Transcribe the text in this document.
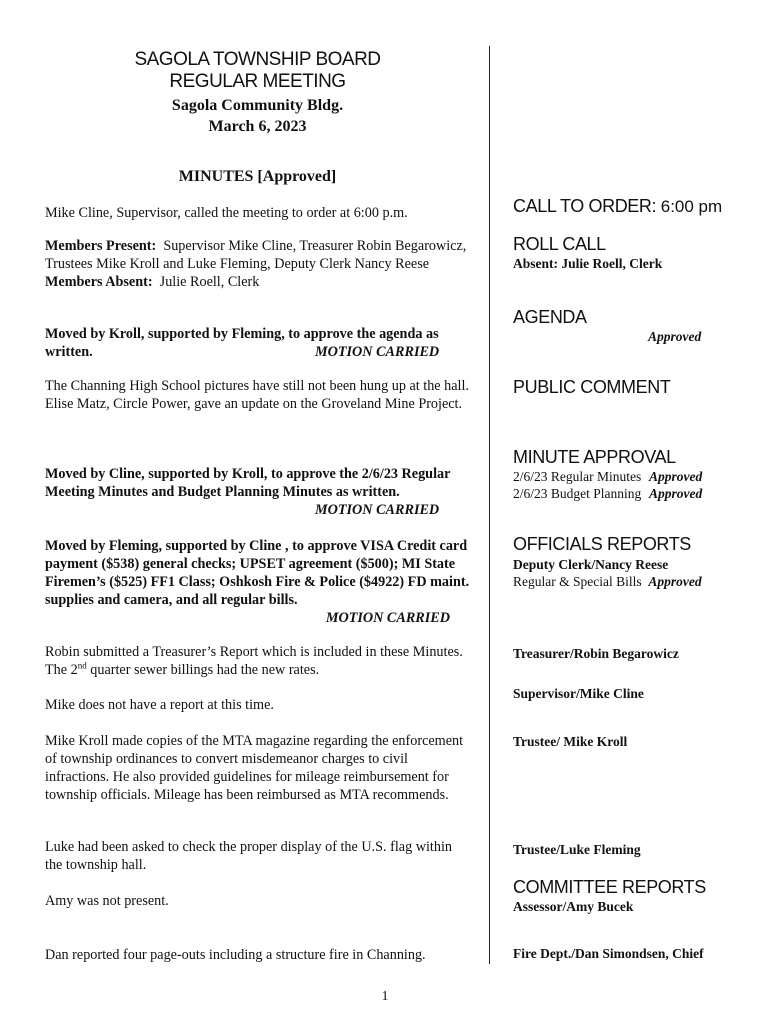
SAGOLA TOWNSHIP BOARD
REGULAR MEETING
Sagola Community Bldg.
March 6, 2023
MINUTES [Approved]
Mike Cline, Supervisor, called the meeting to order at 6:00 p.m.
Members Present: Supervisor Mike Cline, Treasurer Robin Begarowicz, Trustees Mike Kroll and Luke Fleming, Deputy Clerk Nancy Reese
Members Absent: Julie Roell, Clerk
Moved by Kroll, supported by Fleming, to approve the agenda as written.	MOTION CARRIED
The Channing High School pictures have still not been hung up at the hall.
Elise Matz, Circle Power, gave an update on the Groveland Mine Project.
Moved by Cline, supported by Kroll, to approve the 2/6/23 Regular Meeting Minutes and Budget Planning Minutes as written.
MOTION CARRIED
Moved by Fleming, supported by Cline , to approve VISA Credit card payment ($538) general checks; UPSET agreement ($500); MI State Firemen’s ($525) FF1 Class; Oshkosh Fire & Police ($4922) FD maint. supplies and camera, and all regular bills.
MOTION CARRIED
Robin submitted a Treasurer’s Report which is included in these Minutes. The 2nd quarter sewer billings had the new rates.
Mike does not have a report at this time.
Mike Kroll made copies of the MTA magazine regarding the enforcement of township ordinances to convert misdemeanor charges to civil infractions. He also provided guidelines for mileage reimbursement for township officials. Mileage has been reimbursed as MTA recommends.
Luke had been asked to check the proper display of the U.S. flag within the township hall.
Amy was not present.
Dan reported four page-outs including a structure fire in Channing.
CALL TO ORDER: 6:00 pm
ROLL CALL
Absent: Julie Roell, Clerk
AGENDA
Approved
PUBLIC COMMENT
MINUTE APPROVAL
2/6/23 Regular Minutes Approved
2/6/23 Budget Planning Approved
OFFICIALS REPORTS
Deputy Clerk/Nancy Reese
Regular & Special Bills Approved
Treasurer/Robin Begarowicz
Supervisor/Mike Cline
Trustee/ Mike Kroll
Trustee/Luke Fleming
COMMITTEE REPORTS
Assessor/Amy Bucek
Fire Dept./Dan Simondsen, Chief
1
